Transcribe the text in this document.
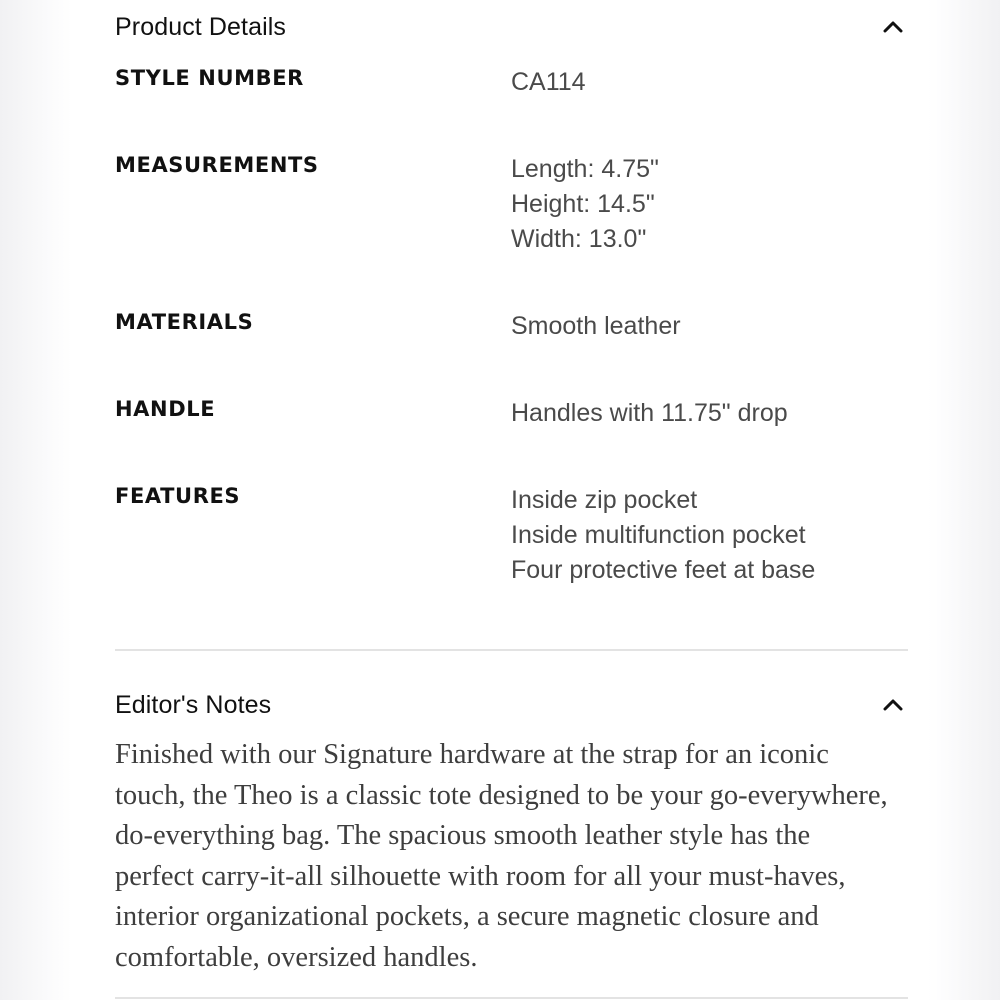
Product Details
STYLE NUMBER	CA114
MEASUREMENTS	Length: 4.75"
Height: 14.5"
Width: 13.0"
MATERIALS	Smooth leather
HANDLE	Handles with 11.75" drop
FEATURES	Inside zip pocket
Inside multifunction pocket
Four protective feet at base
Editor's Notes
Finished with our Signature hardware at the strap for an iconic
touch, the Theo is a classic tote designed to be your go-everywhere,
do-everything bag. The spacious smooth leather style has the
perfect carry-it-all silhouette with room for all your must-haves,
interior organizational pockets, a secure magnetic closure and
comfortable, oversized handles.
